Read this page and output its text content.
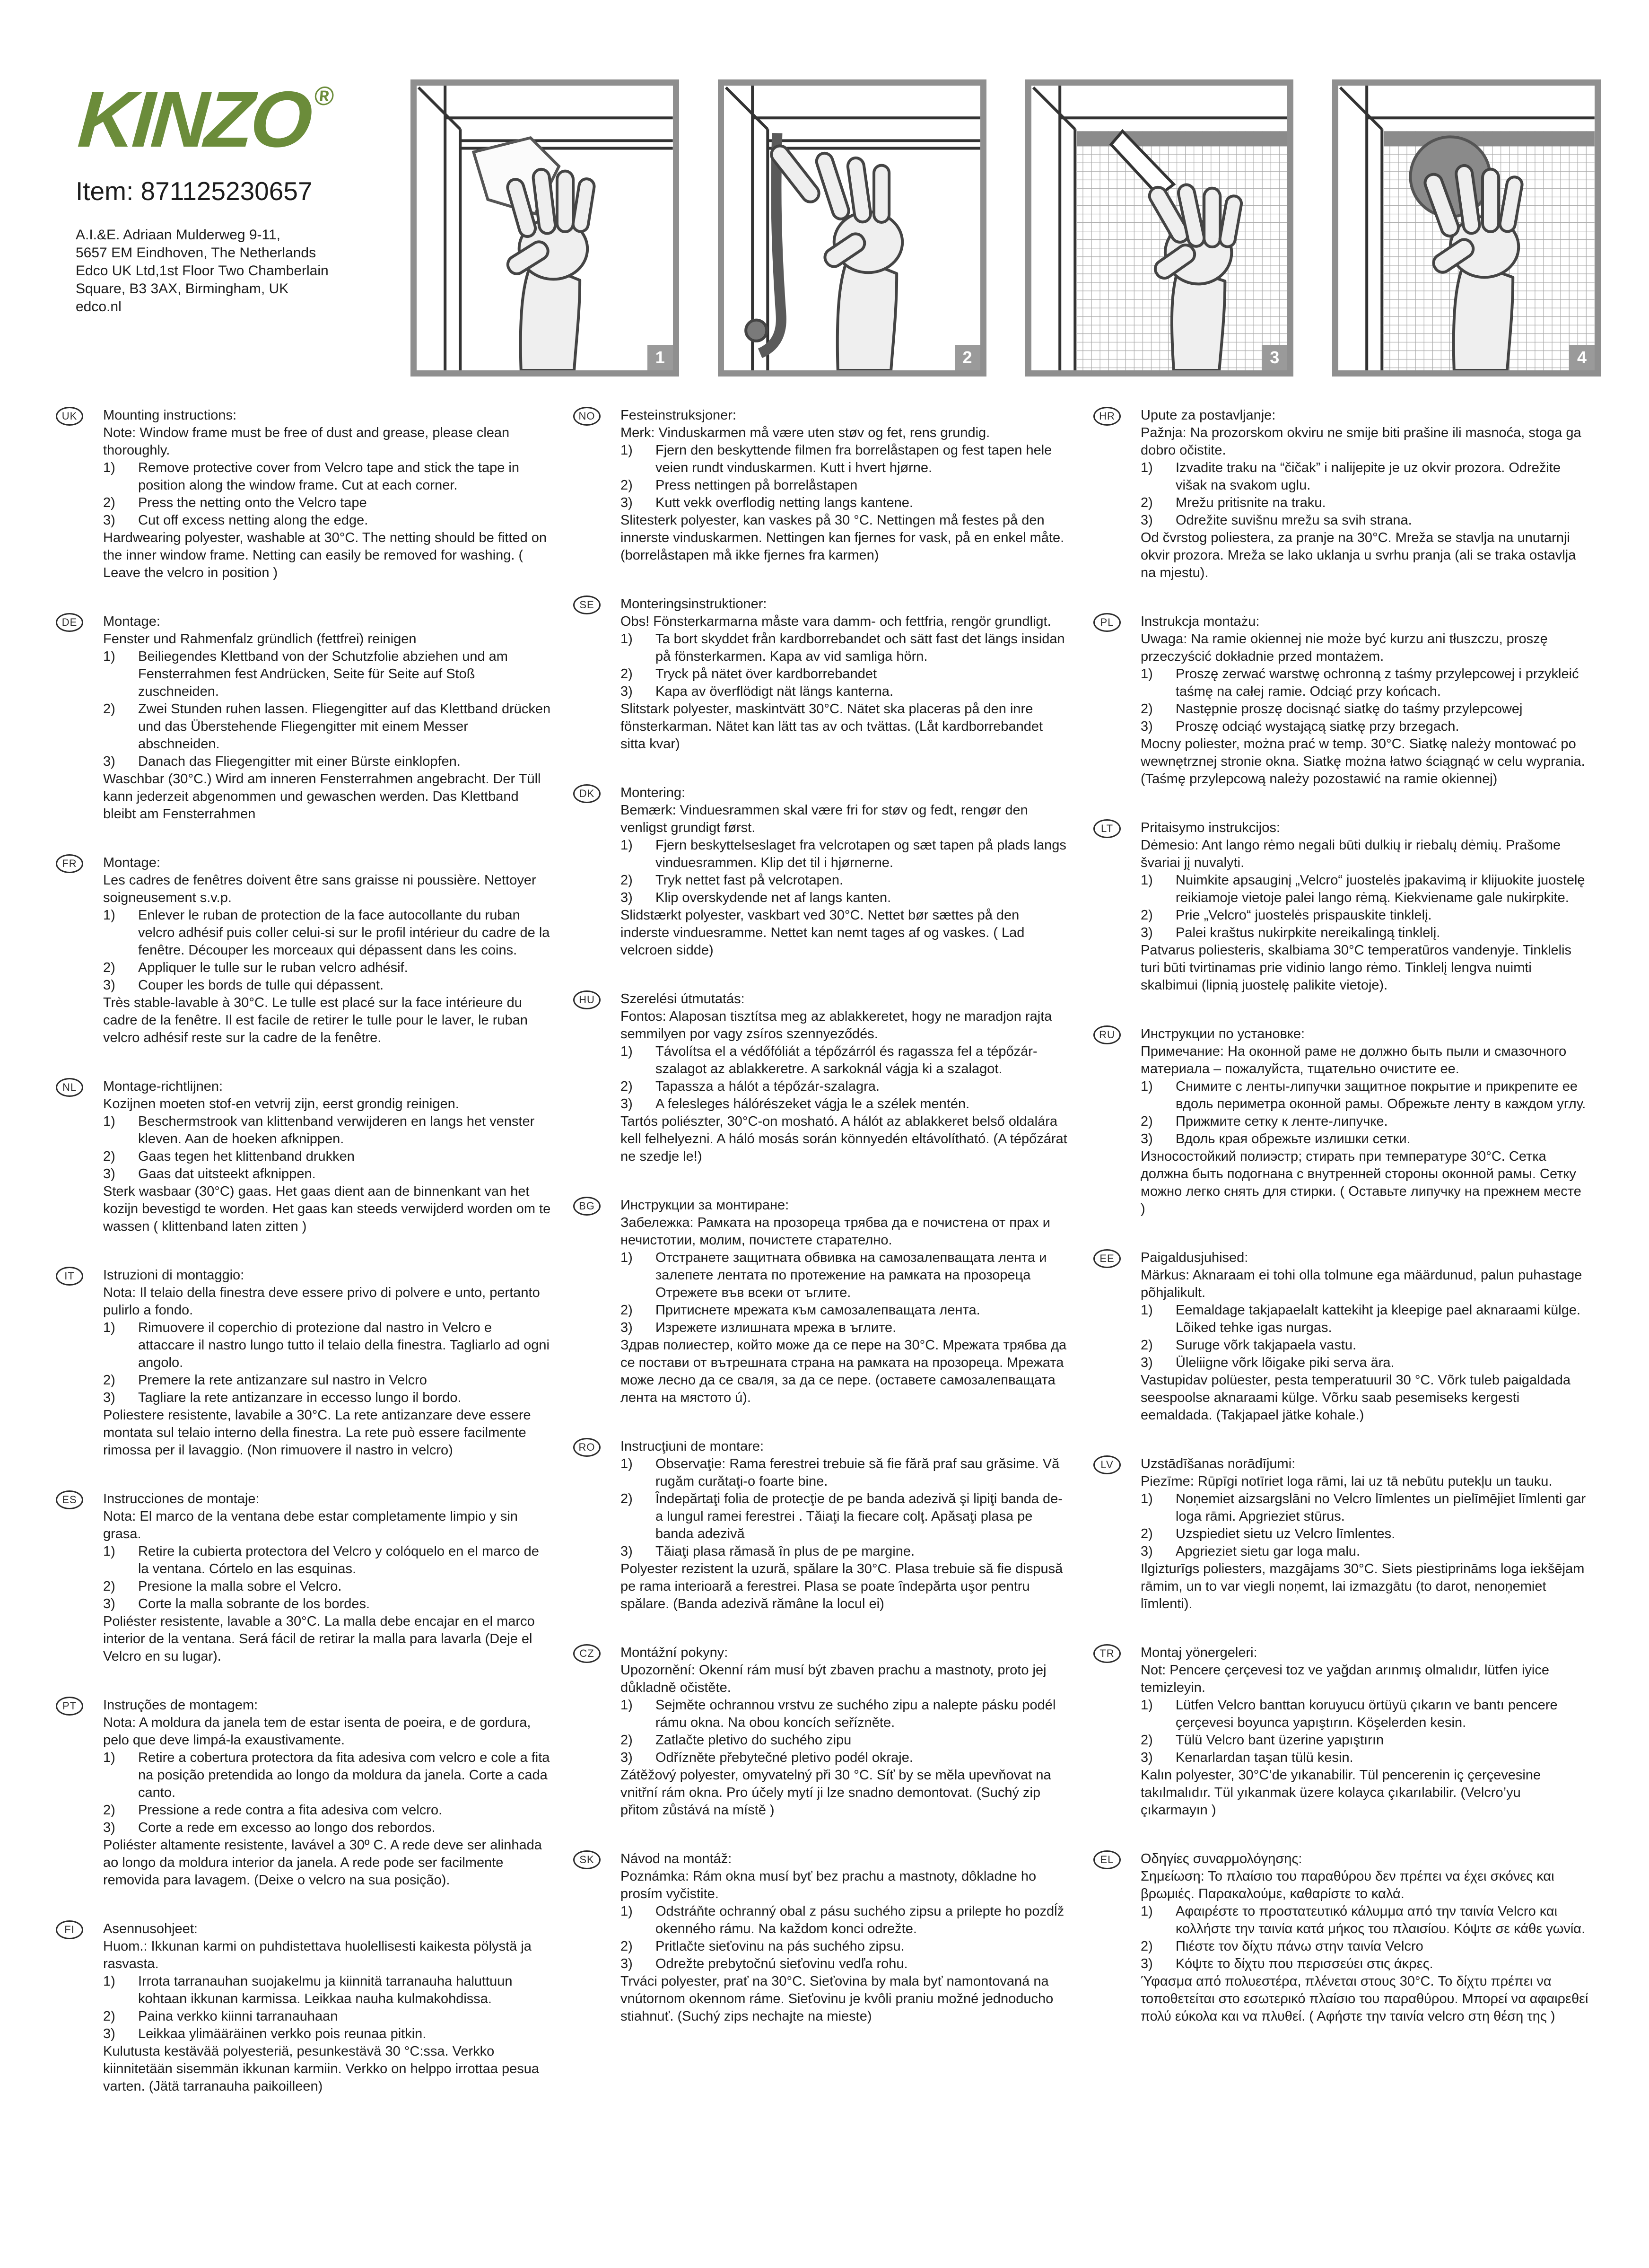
KINZO®
Item: 871125230657
A.I.&E. Adriaan Mulderweg 9-11,
5657 EM Eindhoven, The Netherlands
Edco UK Ltd,1st Floor Two Chamberlain
Square, B3 3AX, Birmingham, UK
edco.nl
1	2	3	4
UK	Mounting instructions:

Note: Window frame must be free of dust and grease, please clean thoroughly.

1)	Remove protective cover from Velcro tape and stick the tape in position along the window frame. Cut at each corner.
2)	Press the netting onto the Velcro tape
3)	Cut off excess netting along the edge.

Hardwearing polyester, washable at 30°C. The netting should be fitted on the inner window frame. Netting can easily be removed for washing. ( Leave the velcro in position )

DE	Montage:

Fenster und Rahmenfalz gründlich (fettfrei) reinigen

1)	Beiliegendes Klettband von der Schutzfolie abziehen und am Fensterrahmen fest Andrücken, Seite für Seite auf Stoß zuschneiden.
2)	Zwei Stunden ruhen lassen. Fliegengitter auf das Klettband drücken und das Überstehende Fliegengitter mit einem Messer abschneiden.
3)	Danach das Fliegengitter mit einer Bürste einklopfen.

Waschbar (30°C.) Wird am inneren Fensterrahmen angebracht. Der Tüll kann jederzeit abgenommen und gewaschen werden. Das Klettband bleibt am Fensterrahmen

FR	Montage:

Les cadres de fenêtres doivent être sans graisse ni poussière. Nettoyer soigneusement s.v.p.

1)	Enlever le ruban de protection de la face autocollante du ruban velcro adhésif puis coller celui-si sur le profil intérieur du cadre de la fenêtre. Découper les morceaux qui dépassent dans les coins.
2)	Appliquer le tulle sur le ruban velcro adhésif.
3)	Couper les bords de tulle qui dépassent.

Très stable-lavable à 30°C. Le tulle est placé sur la face intérieure du cadre de la fenêtre. Il est facile de retirer le tulle pour le laver, le ruban velcro adhésif reste sur la cadre de la fenêtre.

NL	Montage-richtlijnen:

Kozijnen moeten stof-en vetvrij zijn, eerst grondig reinigen.

1)	Beschermstrook van klittenband verwijderen en langs het venster kleven. Aan de hoeken afknippen.
2)	Gaas tegen het klittenband drukken
3)	Gaas dat uitsteekt afknippen.

Sterk wasbaar (30°C) gaas. Het gaas dient aan de binnenkant van het kozijn bevestigd te worden. Het gaas kan steeds verwijderd worden om te wassen ( klittenband laten zitten )

IT	Istruzioni di montaggio:

Nota: Il telaio della finestra deve essere privo di polvere e unto, pertanto pulirlo a fondo.

1)	Rimuovere il coperchio di protezione dal nastro in Velcro e attaccare il nastro lungo tutto il telaio della finestra. Tagliarlo ad ogni angolo.
2)	Premere la rete antizanzare sul nastro in Velcro
3)	Tagliare la rete antizanzare in eccesso lungo il bordo.

Poliestere resistente, lavabile a 30°C. La rete antizanzare deve essere montata sul telaio interno della finestra. La rete può essere facilmente rimossa per il lavaggio. (Non rimuovere il nastro in velcro)

ES	Instrucciones de montaje:

Nota: El marco de la ventana debe estar completamente limpio y sin grasa.

1)	Retire la cubierta protectora del Velcro y colóquelo en el marco de la ventana. Córtelo en las esquinas.
2)	Presione la malla sobre el Velcro.
3)	Corte la malla sobrante de los bordes.

Poliéster resistente, lavable a 30°C. La malla debe encajar en el marco interior de la ventana. Será fácil de retirar la malla para lavarla (Deje el Velcro en su lugar).

PT	Instruções de montagem:

Nota: A moldura da janela tem de estar isenta de poeira, e de gordura, pelo que deve limpá-la exaustivamente.

1)	Retire a cobertura protectora da fita adesiva com velcro e cole a fita na posição pretendida ao longo da moldura da janela. Corte a cada canto.
2)	Pressione a rede contra a fita adesiva com velcro.
3)	Corte a rede em excesso ao longo dos rebordos.

Poliéster altamente resistente, lavável a 30º C. A rede deve ser alinhada ao longo da moldura interior da janela. A rede pode ser facilmente removida para lavagem. (Deixe o velcro na sua posição).

FI	Asennusohjeet:

Huom.: Ikkunan karmi on puhdistettava huolellisesti kaikesta pölystä ja rasvasta.

1)	Irrota tarranauhan suojakelmu ja kiinnitä tarranauha haluttuun kohtaan ikkunan karmissa. Leikkaa nauha kulmakohdissa.
2)	Paina verkko kiinni tarranauhaan
3)	Leikkaa ylimääräinen verkko pois reunaa pitkin.

Kulutusta kestävää polyesteriä, pesunkestävä 30 °C:ssa. Verkko kiinnitetään sisemmän ikkunan karmiin. Verkko on helppo irrottaa pesua varten. (Jätä tarranauha paikoilleen)

NO	Festeinstruksjoner:

Merk: Vinduskarmen må være uten støv og fet, rens grundig.

1)	Fjern den beskyttende filmen fra borrelåstapen og fest tapen hele veien rundt vinduskarmen. Kutt i hvert hjørne.
2)	Press nettingen på borrelåstapen
3)	Kutt vekk overflodig netting langs kantene.

Slitesterk polyester, kan vaskes på 30 °C. Nettingen må festes på den innerste vinduskarmen. Nettingen kan fjernes for vask, på en enkel måte. (borrelåstapen må ikke fjernes fra karmen)

SE	Monteringsinstruktioner:

Obs! Fönsterkarmarna måste vara damm- och fettfria, rengör grundligt.

1)	Ta bort skyddet från kardborrebandet och sätt fast det längs insidan på fönsterkarmen. Kapa av vid samliga hörn.
2)	Tryck på nätet över kardborrebandet
3)	Kapa av överflödigt nät längs kanterna.

Slitstark polyester, maskintvätt 30°C. Nätet ska placeras på den inre fönsterkarman. Nätet kan lätt tas av och tvättas. (Låt kardborrebandet sitta kvar)

DK	Montering:

Bemærk: Vinduesrammen skal være fri for støv og fedt, rengør den venligst grundigt først.

1)	Fjern beskyttelseslaget fra velcrotapen og sæt tapen på plads langs vinduesrammen. Klip det til i hjørnerne.
2)	Tryk nettet fast på velcrotapen.
3)	Klip overskydende net af langs kanten.

Slidstærkt polyester, vaskbart ved 30°C. Nettet bør sættes på den inderste vinduesramme. Nettet kan nemt tages af og vaskes. ( Lad velcroen sidde)

HU	Szerelési útmutatás:

Fontos: Alaposan tisztítsa meg az ablakkeretet, hogy ne maradjon rajta semmilyen por vagy zsíros szennyeződés.

1)	Távolítsa el a védőfóliát a tépőzárról és ragassza fel a tépőzár-szalagot az ablakkeretre. A sarkoknál vágja ki a szalagot.
2)	Tapassza a hálót a tépőzár-szalagra.
3)	A felesleges hálórészeket vágja le a szélek mentén.

Tartós poliészter, 30°C-on mosható. A hálót az ablakkeret belső oldalára kell felhelyezni. A háló mosás során könnyedén eltávolítható. (A tépőzárat ne szedje le!)

BG	Инструкции за монтиране:

Забележка: Рамката на прозореца трябва да е почистена от прах и нечистотии, молим, почистете старателно.

1)	Отстранете защитната обвивка на самозалепващата лента и залепете лентата по протежение на рамката на прозореца Отрежете във всеки от ъглите.
2)	Притиснете мрежата към самозалепващата лента.
3)	Изрежете излишната мрежа в ъглите.

Здрав полиестер, който може да се пере на 30°C. Мрежата трябва да се постави от вътрешната страна на рамката на прозореца. Мрежата може лесно да се сваля, за да се пере. (оставете самозалепващата лента на мястото ú).

RO	Instrucţiuni de montare:

1)	Observaţie: Rama ferestrei trebuie să fie fără praf sau grăsime. Vă rugăm curătaţi-o foarte bine.
2)	Îndepărtaţi folia de protecţie de pe banda adezivă şi lipiţi banda de-a lungul ramei ferestrei . Tăiaţi la fiecare colţ. Apăsaţi plasa pe banda adezivă
3)	Tăiaţi plasa rămasă în plus de pe margine.

Polyester rezistent la uzură, spălare la 30°C. Plasa trebuie să fie dispusă pe rama interioară a ferestrei. Plasa se poate îndepărta uşor pentru spălare. (Banda adezivă rămâne la locul ei)

CZ	Montážní pokyny:

Upozornění: Okenní rám musí být zbaven prachu a mastnoty, proto jej důkladně očistěte.

1)	Sejměte ochrannou vrstvu ze suchého zipu a nalepte pásku podél rámu okna. Na obou koncích seřízněte.
2)	Zatlačte pletivo do suchého zipu
3)	Odřízněte přebytečné pletivo podél okraje.

Zátěžový polyester, omyvatelný při 30 °C. Síť by se měla upevňovat na vnitřní rám okna. Pro účely mytí ji lze snadno demontovat. (Suchý zip přitom zůstává na místě )

SK	Návod na montáž:

Poznámka: Rám okna musí byť bez prachu a mastnoty, dôkladne ho prosím vyčistite.

1)	Odstráňte ochranný obal z pásu suchého zipsu a prilepte ho pozdĺž okenného rámu. Na každom konci odrežte.
2)	Pritlačte sieťovinu na pás suchého zipsu.
3)	Odrežte prebytočnú sieťovinu vedľa rohu.

Trváci polyester, prať na 30°C. Sieťovina by mala byť namontovaná na vnútornom okennom ráme. Sieťovinu je kvôli praniu možné jednoducho stiahnuť. (Suchý zips nechajte na mieste)

HR	Upute za postavljanje:

Pažnja: Na prozorskom okviru ne smije biti prašine ili masnoća, stoga ga dobro očistite.

1)	Izvadite traku na “čičak” i nalijepite je uz okvir prozora. Odrežite višak na svakom uglu.
2)	Mrežu pritisnite na traku.
3)	Odrežite suvišnu mrežu sa svih strana.

Od čvrstog poliestera, za pranje na 30°C. Mreža se stavlja na unutarnji okvir prozora. Mreža se lako uklanja u svrhu pranja (ali se traka ostavlja na mjestu).

PL	Instrukcja montażu:

Uwaga: Na ramie okiennej nie może być kurzu ani tłuszczu, proszę przeczyścić dokładnie przed montażem.

1)	Proszę zerwać warstwę ochronną z taśmy przylepcowej i przykleić taśmę na całej ramie. Odciąć przy końcach.
2)	Następnie proszę docisnąć siatkę do taśmy przylepcowej
3)	Proszę odciąć wystającą siatkę przy brzegach.

Mocny poliester, można prać w temp. 30°C. Siatkę należy montować po wewnętrznej stronie okna. Siatkę można łatwo ściągnąć w celu wyprania. (Taśmę przylepcową należy pozostawić na ramie okiennej)

LT	Pritaisymo instrukcijos:

Dėmesio: Ant lango rėmo negali būti dulkių ir riebalų dėmių. Prašome švariai jį nuvalyti.

1)	Nuimkite apsauginį „Velcro“ juostelės įpakavimą ir klijuokite juostelę reikiamoje vietoje palei lango rėmą. Kiekviename gale nukirpkite.
2)	Prie „Velcro“ juostelės prispauskite tinklelį.
3)	Palei kraštus nukirpkite nereikalingą tinklelį.

Patvarus poliesteris, skalbiama 30°C temperatūros vandenyje. Tinklelis turi būti tvirtinamas prie vidinio lango rėmo. Tinklelį lengva nuimti skalbimui (lipnią juostelę palikite vietoje).

RU	Инструкции по установке:

Примечание: На оконной раме не должно быть пыли и смазочного материала – пожалуйста, тщательно очистите ее.

1)	Снимите с ленты-липучки защитное покрытие и прикрепите ее вдоль периметра оконной рамы. Обрежьте ленту в каждом углу.
2)	Прижмите сетку к ленте-липучке.
3)	Вдоль края обрежьте излишки сетки.

Износостойкий полиэстр; стирать при температуре 30°C. Сетка должна быть подогнана с внутренней стороны оконной рамы. Сетку можно легко снять для стирки. ( Оставьте липучку на прежнем месте )

EE	Paigaldusjuhised:

Märkus: Aknaraam ei tohi olla tolmune ega määrdunud, palun puhastage põhjalikult.

1)	Eemaldage takjapaelalt kattekiht ja kleepige pael aknaraami külge. Lõiked tehke igas nurgas.
2)	Suruge võrk takjapaela vastu.
3)	Üleliigne võrk lõigake piki serva ära.

Vastupidav polüester, pesta temperatuuril 30 °C. Võrk tuleb paigaldada seespoolse aknaraami külge. Võrku saab pesemiseks kergesti eemaldada. (Takjapael jätke kohale.)

LV	Uzstādīšanas norādījumi:

Piezīme: Rūpīgi notīriet loga rāmi, lai uz tā nebūtu putekļu un tauku.

1)	Noņemiet aizsargslāni no Velcro līmlentes un pielīmējiet līmlenti gar loga rāmi. Apgrieziet stūrus.
2)	Uzspiediet sietu uz Velcro līmlentes.
3)	Apgrieziet sietu gar loga malu.

Ilgizturīgs poliesters, mazgājams 30°C. Siets piestiprināms loga iekšējam rāmim, un to var viegli noņemt, lai izmazgātu (to darot, nenoņemiet līmlenti).

TR	Montaj yönergeleri:

Not: Pencere çerçevesi toz ve yağdan arınmış olmalıdır, lütfen iyice temizleyin.

1)	Lütfen Velcro banttan koruyucu örtüyü çıkarın ve bantı pencere çerçevesi boyunca yapıştırın. Köşelerden kesin.
2)	Tülü Velcro bant üzerine yapıştırın
3)	Kenarlardan taşan tülü kesin.

Kalın polyester, 30°C’de yıkanabilir. Tül pencerenin iç çerçevesine takılmalıdır. Tül yıkanmak üzere kolayca çıkarılabilir. (Velcro’yu çıkarmayın )

EL	Οδηγίες συναρμολόγησης:

Σημείωση: Το πλαίσιο του παραθύρου δεν πρέπει να έχει σκόνες και βρωμιές. Παρακαλούμε, καθαρίστε το καλά.

1)	Αφαιρέστε το προστατευτικό κάλυμμα από την ταινία Velcro και κολλήστε την ταινία κατά μήκος του πλαισίου. Κόψτε σε κάθε γωνία.
2)	Πιέστε τον δίχτυ πάνω στην ταινία Velcro
3)	Κόψτε το δίχτυ που περισσεύει στις άκρες.

Ύφασμα από πολυεστέρα, πλένεται στους 30°C. Το δίχτυ πρέπει να τοποθετείται στο εσωτερικό πλαίσιο του παραθύρου. Μπορεί να αφαιρεθεί πολύ εύκολα και να πλυθεί. ( Αφήστε την ταινία velcro στη θέση της )
